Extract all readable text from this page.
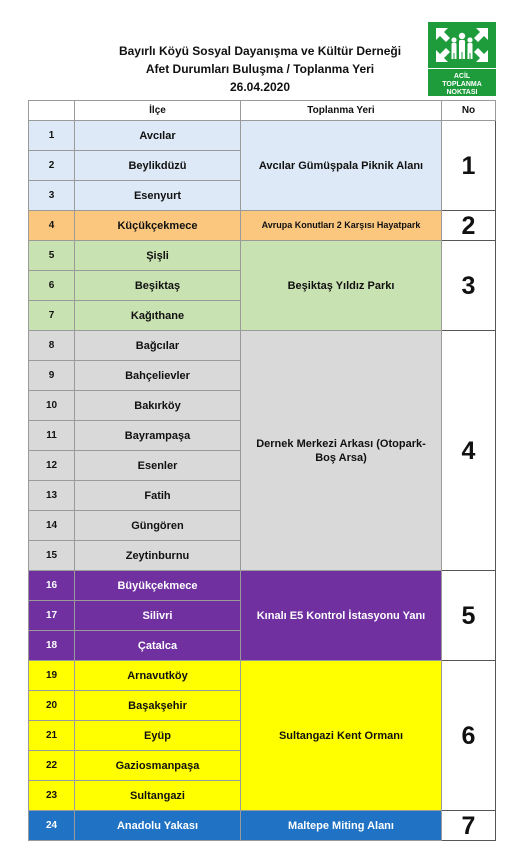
Bayırlı Köyü Sosyal Dayanışma ve Kültür Derneği
Afet Durumları Buluşma / Toplanma Yeri
26.04.2020
ACİL
TOPLANMA
NOKTASI
	İlçe	Toplanma Yeri	No
1	Avcılar	Avcılar Gümüşpala Piknik Alanı	1
2	Beylikdüzü		
3	Esenyurt		
4	Küçükçekmece	Avrupa Konutları 2 Karşısı Hayatpark	2
5	Şişli	Beşiktaş Yıldız Parkı	3
6	Beşiktaş		
7	Kağıthane		
8	Bağcılar	Dernek Merkezi Arkası (Otopark-Boş Arsa)	4
9	Bahçelievler		
10	Bakırköy		
11	Bayrampaşa		
12	Esenler		
13	Fatih		
14	Güngören		
15	Zeytinburnu		
16	Büyükçekmece	Kınalı E5 Kontrol İstasyonu Yanı	5
17	Silivri		
18	Çatalca		
19	Arnavutköy	Sultangazi Kent Ormanı	6
20	Başakşehir		
21	Eyüp		
22	Gaziosmanpaşa		
23	Sultangazi		
24	Anadolu Yakası	Maltepe Miting Alanı	7
